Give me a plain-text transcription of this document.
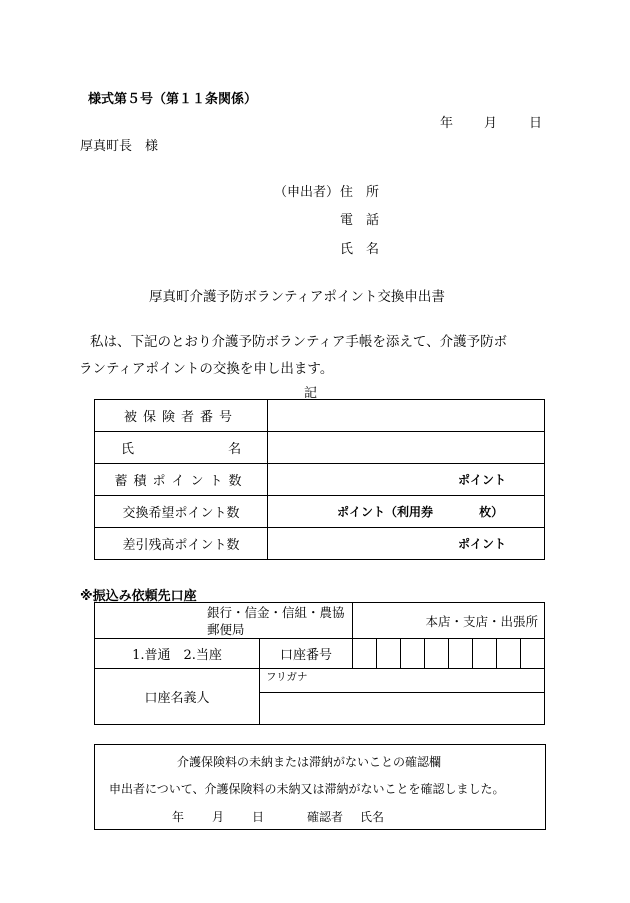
様式第５号（第１１条関係）
年 月 日
厚真町長　様
（申出者） 住　所
電　話
氏　名
厚真町介護予防ボランティアポイント交換申出書
私は、下記のとおり介護予防ボランティア手帳を添えて、介護予防ボ
ランティアポイントの交換を申し出ます。
記
被保険者番号	
氏 名	
蓄積ポイント数	ポイント
交換希望ポイント数	ポイント（利用券 枚）
差引残高ポイント数	ポイント
※振込み依頼先口座
銀行・信金・信組・農協
郵便局		本店・支店・出張所							
1.普通　2.当座	口座番号								
口座名義人	フリガナ								

介護保険料の未納または滞納がないことの確認欄
申出者について、介護保険料の未納又は滞納がないことを確認しました。
年 月 日	確認者 氏名
